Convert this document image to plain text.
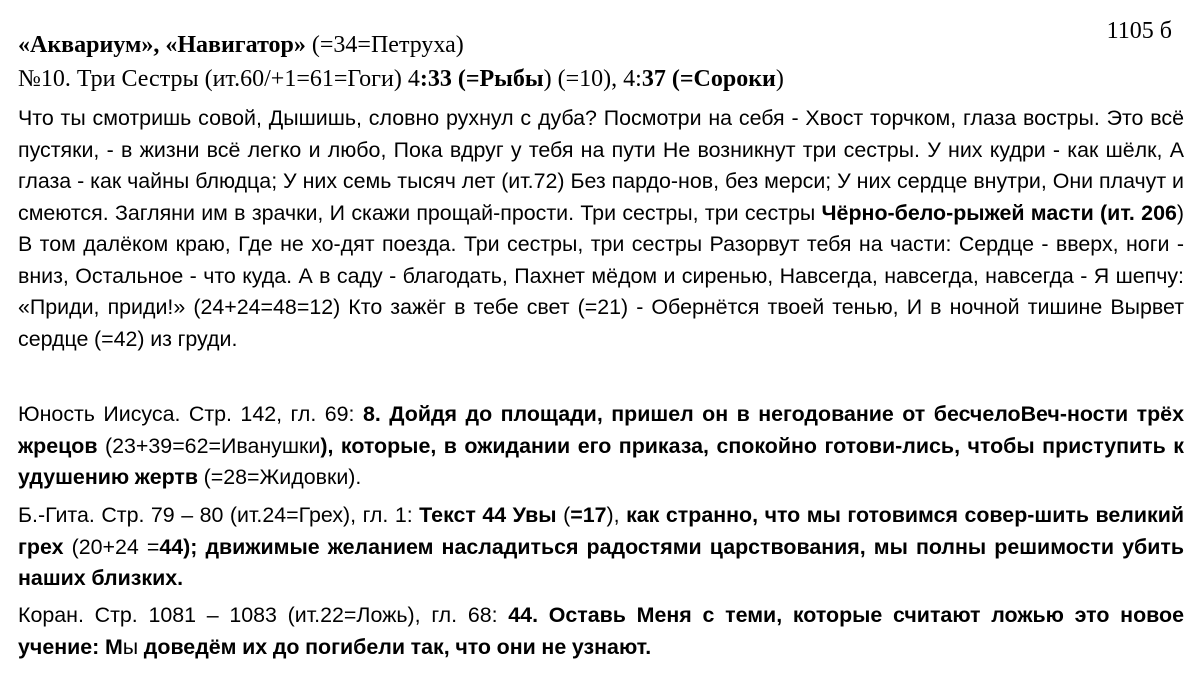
1105 б
«Аквариум», «Навигатор» (=34=Петруха)
№10. Три Сестры (ит.60/+1=61=Гоги) 4:33 (=Рыбы) (=10), 4:37 (=Сороки)
Что ты смотришь совой, Дышишь, словно рухнул с дуба? Посмотри на себя - Хвост торчком, глаза востры. Это всё пустяки, - в жизни всё легко и любо, Пока вдруг у тебя на пути Не возникнут три сестры. У них кудри - как шёлк, А глаза - как чайны блюдца; У них семь тысяч лет (ит.72) Без пардо-нов, без мерси; У них сердце внутри, Они плачут и смеются. Загляни им в зрачки, И скажи прощай-прости. Три сестры, три сестры Чёрно-бело-рыжей масти (ит. 206) В том далёком краю, Где не хо-дят поезда. Три сестры, три сестры Разорвут тебя на части: Сердце - вверх, ноги - вниз, Остальное - что куда. А в саду - благодать, Пахнет мёдом и сиренью, Навсегда, навсегда, навсегда - Я шепчу: «Приди, приди!» (24+24=48=12) Кто зажёг в тебе свет (=21) - Обернётся твоей тенью, И в ночной тишине Вырвет сердце (=42) из груди.
Юность Иисуса. Стр. 142, гл. 69: 8. Дойдя до площади, пришел он в негодование от бесчелоВеч-ности трёх жрецов (23+39=62=Иванушки), которые, в ожидании его приказа, спокойно готови-лись, чтобы приступить к удушению жертв (=28=Жидовки).
Б.-Гита. Стр. 79 – 80 (ит.24=Грех), гл. 1: Текст 44 Увы (=17), как странно, что мы готовимся совер-шить великий грех (20+24 =44); движимые желанием насладиться радостями царствования, мы полны решимости убить наших близких.
Коран. Стр. 1081 – 1083 (ит.22=Ложь), гл. 68: 44. Оставь Меня с теми, которые считают ложью это новое учение: Мы доведём их до погибели так, что они не узнают.
